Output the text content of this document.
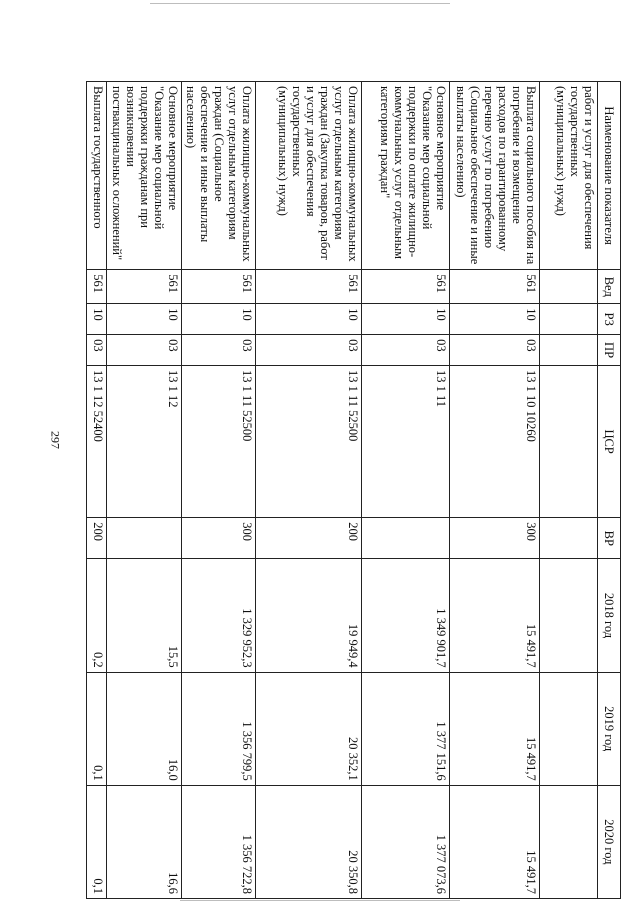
297
Наименование показателя	Вед	РЗ	ПР	ЦСР	ВР	2018 год	2019 год	2020 год
работ и услуг для обеспечения государственных (муниципальных) нужд)								
Выплата социального пособия на погребение и возмещение расходов по гарантированному перечню услуг по погребению (Социальное обеспечение и иные выплаты населению)	561	10	03	13 1 10 10260	300	15 491,7	15 491,7	15 491,7
Основное мероприятие "Оказание мер социальной поддержки по оплате жилищно-коммунальных услуг отдельным категориям граждан"	561	10	03	13 1 11		1 349 901,7	1 377 151,6	1 377 073,6
Оплата жилищно-коммунальных услуг отдельным категориям граждан (Закупка товаров, работ и услуг для обеспечения государственных (муниципальных) нужд)	561	10	03	13 1 11 52500	200	19 949,4	20 352,1	20 350,8
Оплата жилищно-коммунальных услуг отдельным категориям граждан (Социальное обеспечение и иные выплаты населению)	561	10	03	13 1 11 52500	300	1 329 952,3	1 356 799,5	1 356 722,8
Основное мероприятие "Оказание мер социальной поддержки гражданам при возникновении поствакцинальных осложнений"	561	10	03	13 1 12		15,5	16,0	16,6
Выплата государственного	561	10	03	13 1 12 52400	200	0,2	0,1	0,1
